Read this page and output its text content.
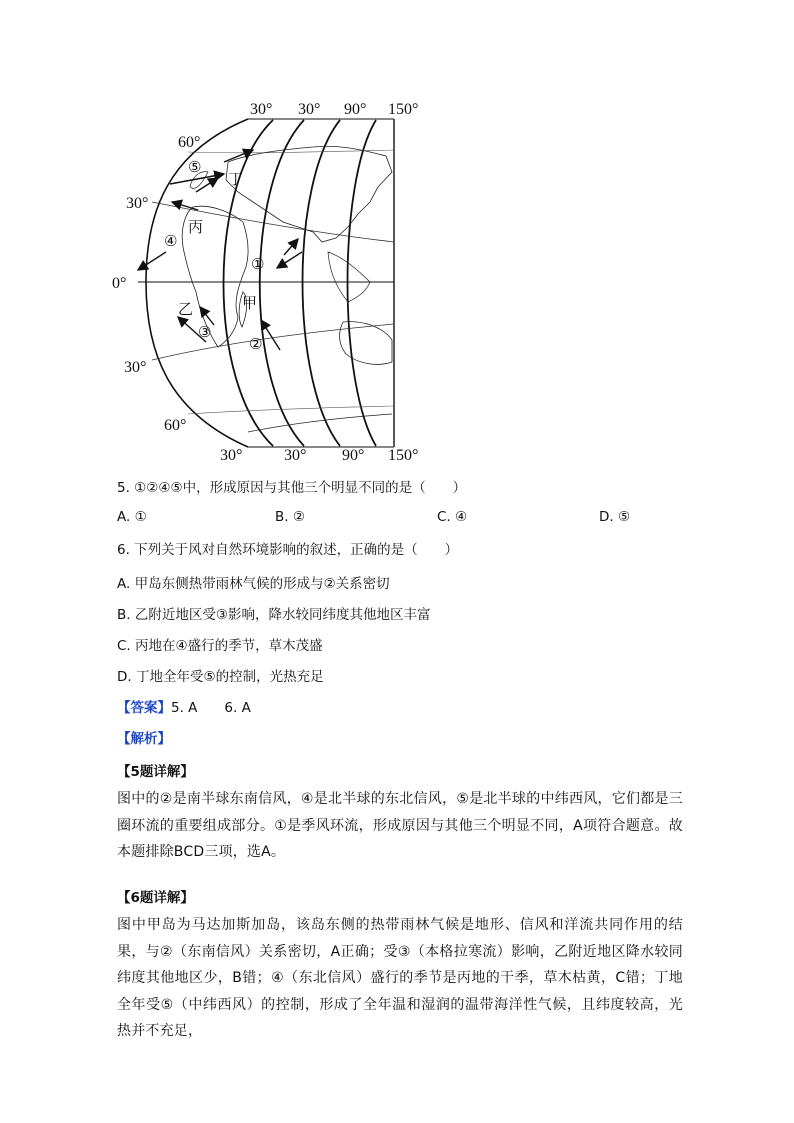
30° 30° 90° 150°
30°	30° 90° 150°
60°
30°
0°
30°
60°
⑤
④
①
③
②
丁
丙
乙	甲
5. ①②④⑤中，形成原因与其他三个明显不同的是（　　）
A. ①	B. ②	C. ④	D. ⑤
6. 下列关于风对自然环境影响的叙述，正确的是（　　）
A. 甲岛东侧热带雨林气候的形成与②关系密切
B. 乙附近地区受③影响，降水较同纬度其他地区丰富
C. 丙地在④盛行的季节，草木茂盛
D. 丁地全年受⑤的控制，光热充足
【答案】5. A　　6. A
【解析】
【5题详解】
图中的②是南半球东南信风，④是北半球的东北信风，⑤是北半球的中纬西风，它们都是三圈环流的重要组成部分。①是季风环流，形成原因与其他三个明显不同，A项符合题意。故本题排除BCD三项，选A。
【6题详解】
图中甲岛为马达加斯加岛，该岛东侧的热带雨林气候是地形、信风和洋流共同作用的结果，与②（东南信风）关系密切，A正确；受③（本格拉寒流）影响，乙附近地区降水较同纬度其他地区少，B错；④（东北信风）盛行的季节是丙地的干季，草木枯黄，C错；丁地全年受⑤（中纬西风）的控制，形成了全年温和湿润的温带海洋性气候，且纬度较高，光热并不充足，
